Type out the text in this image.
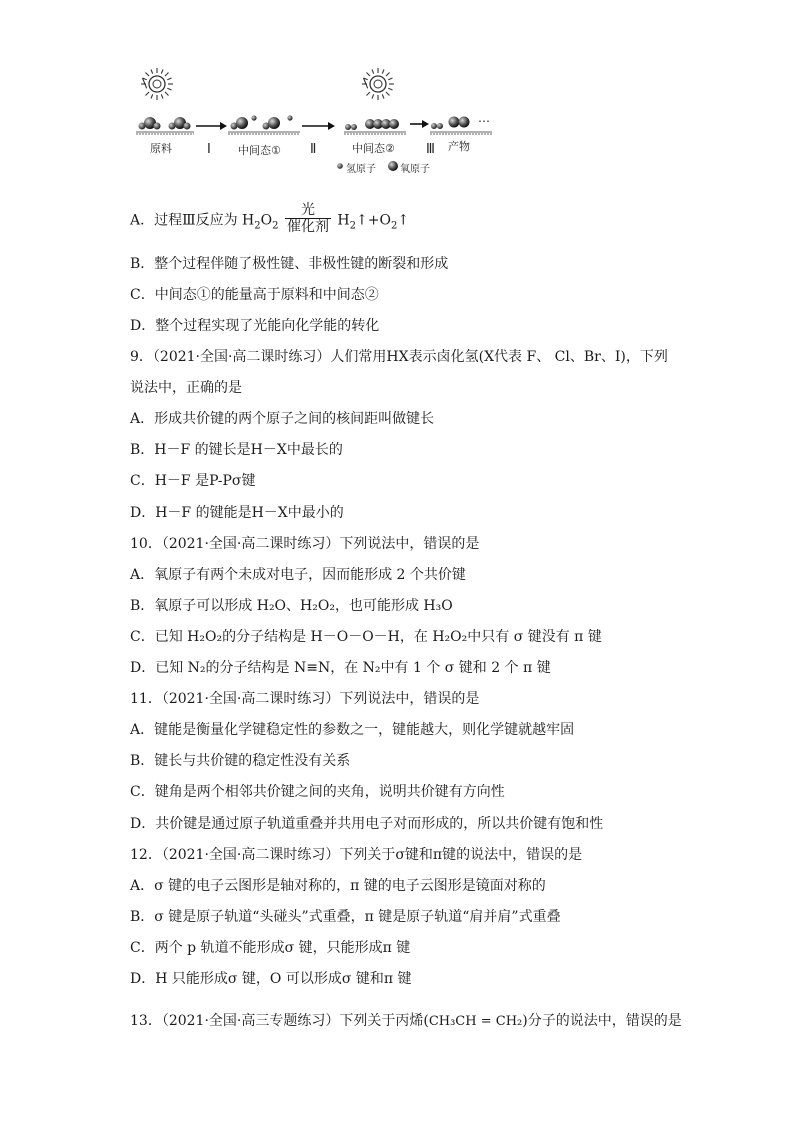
原料	Ⅰ 中间态① Ⅱ	中间态② Ⅲ 产物
⋯
氢原子 氧原子
A．过程Ⅲ反应为 $H_2O_2 \frac{\text{光}}{\text{催化剂}}$ $H_2↑+O_2↑$
B．整个过程伴随了极性键、非极性键的断裂和形成
C．中间态①的能量高于原料和中间态②
D．整个过程实现了光能向化学能的转化
9．（2021·全国·高二课时练习）人们常用HX表示卤化氢(X代表 F、 Cl、Br、I)，下列
说法中，正确的是
A．形成共价键的两个原子之间的核间距叫做键长
B．H－F 的键长是H－X中最长的
C．H－F 是P-Pσ键
D．H－F 的键能是H－X中最小的
10．（2021·全国·高二课时练习）下列说法中，错误的是
A．氧原子有两个未成对电子，因而能形成 2 个共价键
B．氧原子可以形成 H₂O、H₂O₂，也可能形成 H₃O
C．已知 H₂O₂的分子结构是 H－O－O－H，在 H₂O₂中只有 σ 键没有 π 键
D．已知 N₂的分子结构是 N≡N，在 N₂中有 1 个 σ 键和 2 个 π 键
11．（2021·全国·高二课时练习）下列说法中，错误的是
A．键能是衡量化学键稳定性的参数之一，键能越大，则化学键就越牢固
B．键长与共价键的稳定性没有关系
C．键角是两个相邻共价键之间的夹角，说明共价键有方向性
D．共价键是通过原子轨道重叠并共用电子对而形成的，所以共价键有饱和性
12．（2021·全国·高二课时练习）下列关于σ键和π键的说法中，错误的是
A．σ 键的电子云图形是轴对称的，π 键的电子云图形是镜面对称的
B．σ 键是原子轨道“头碰头”式重叠，π 键是原子轨道“肩并肩”式重叠
C．两个 p 轨道不能形成σ 键，只能形成π 键
D．H 只能形成σ 键，O 可以形成σ 键和π 键
13．（2021·全国·高三专题练习）下列关于丙烯(CH₃CH = CH₂)分子的说法中，错误的是
